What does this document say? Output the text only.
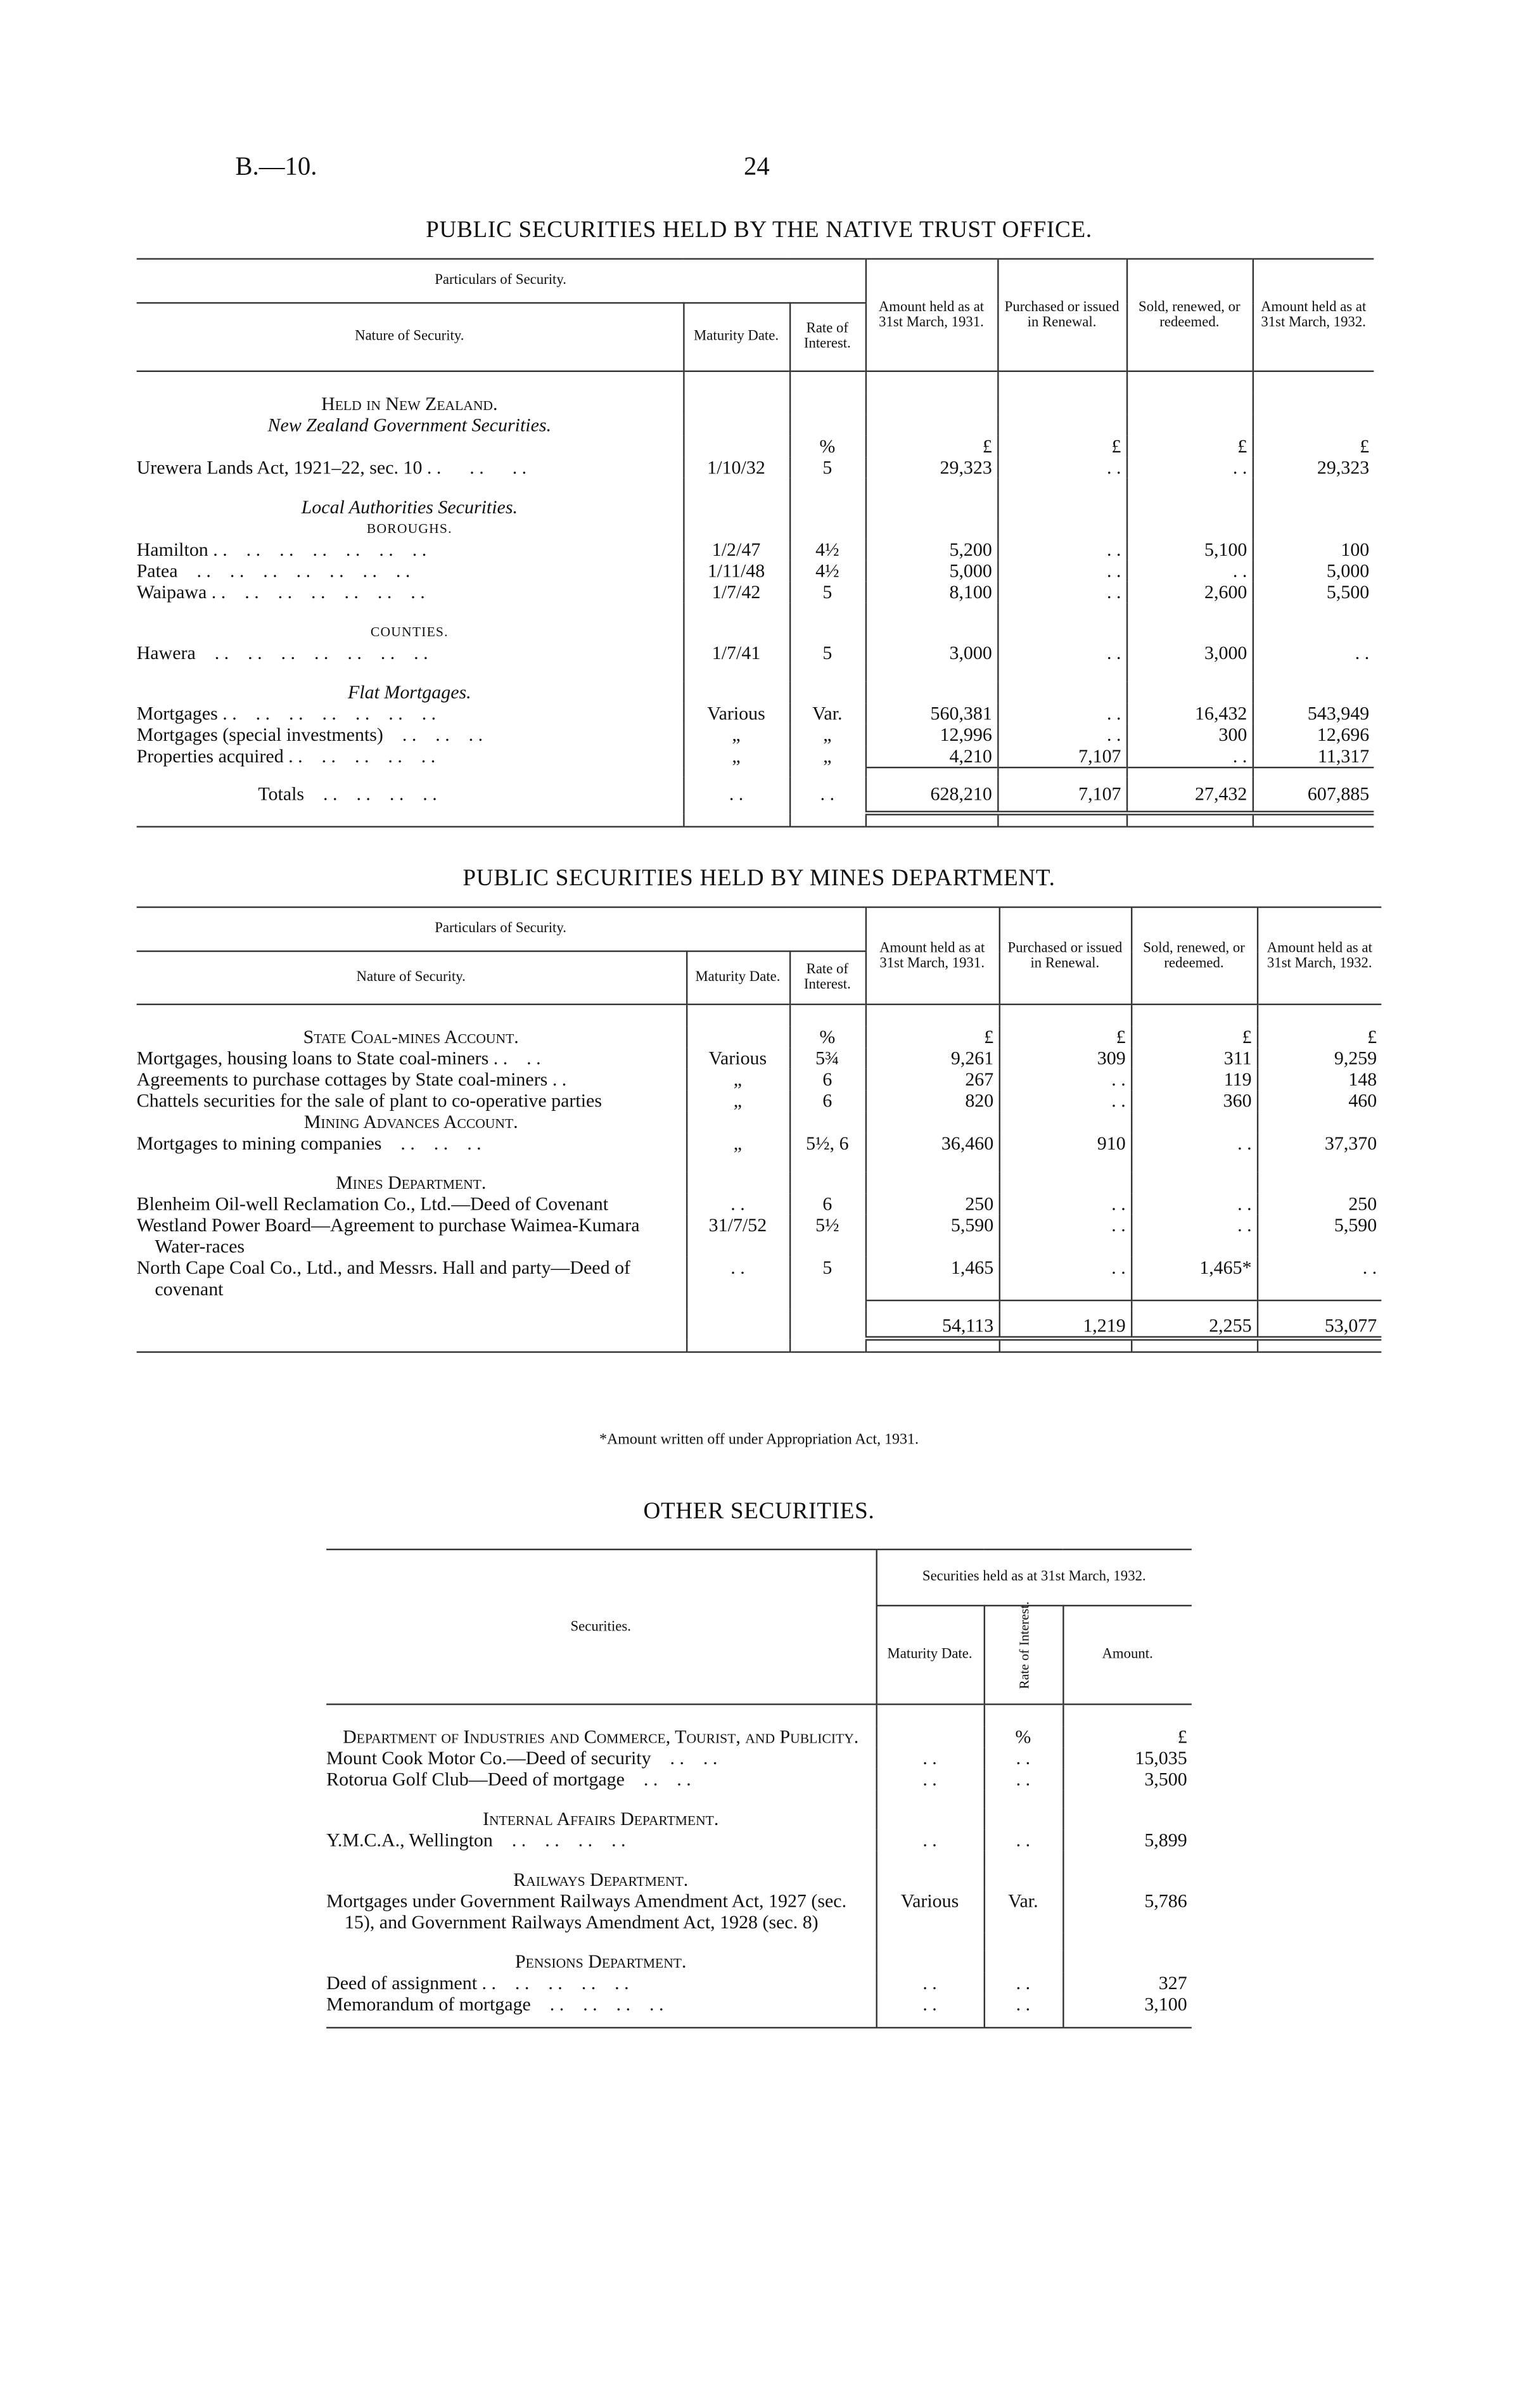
B.—10.	24
PUBLIC SECURITIES HELD BY THE NATIVE TRUST OFFICE.
Particulars of Security.			Amount held as at 31st March, 1931.	Purchased or issued in Renewal.	Sold, renewed, or redeemed.	Amount held as at 31st March, 1932.
Nature of Security.	Maturity Date.	Rate of Interest.				

Held in New Zealand.						
New Zealand Government Securities.						
		%	£	£	£	£
Urewera Lands Act, 1921–22, sec. 10 . .      . .      . .	1/10/32	5	29,323	. .	. .	29,323

Local Authorities Securities.						
BOROUGHS.						
Hamilton . .    . .    . .    . .    . .    . .    . .	1/2/47	4½	5,200	. .	5,100	100
Patea    . .    . .    . .    . .    . .    . .    . .	1/11/48	4½	5,000	. .	. .	5,000
Waipawa . .    . .    . .    . .    . .    . .    . .	1/7/42	5	8,100	. .	2,600	5,500

COUNTIES.						
Hawera    . .    . .    . .    . .    . .    . .    . .	1/7/41	5	3,000	. .	3,000	. .

Flat Mortgages.						
Mortgages . .    . .    . .    . .    . .    . .    . .	Various	Var.	560,381	. .	16,432	543,949
Mortgages (special investments)    . .    . .    . .	„	„	12,996	. .	300	12,696
Properties acquired . .    . .    . .    . .    . .	„	„	4,210	7,107	. .	11,317

Totals    . .    . .    . .    . .	. .	. .	628,210	7,107	27,432	607,885

PUBLIC SECURITIES HELD BY MINES DEPARTMENT.
Particulars of Security.			Amount held as at 31st March, 1931.	Purchased or issued in Renewal.	Sold, renewed, or redeemed.	Amount held as at 31st March, 1932.
Nature of Security.	Maturity Date.	Rate of Interest.				

State Coal-mines Account.		%	£	£	£	£
Mortgages, housing loans to State coal-miners . .    . .	Various	5¾	9,261	309	311	9,259
Agreements to purchase cottages by State coal-miners . .	„	6	267	. .	119	148
Chattels securities for the sale of plant to co-operative parties	„	6	820	. .	360	460
Mining Advances Account.						
Mortgages to mining companies    . .    . .    . .	„	5½, 6	36,460	910	. .	37,370

Mines Department.						
Blenheim Oil-well Reclamation Co., Ltd.—Deed of Covenant	. .	6	250	. .	. .	250
Westland Power Board—Agreement to purchase Waimea-Kumara Water-races	31/7/52	5½	5,590	. .	. .	5,590
North Cape Coal Co., Ltd., and Messrs. Hall and party—Deed of covenant	. .	5	1,465	. .	1,465*	. .

			54,113	1,219	2,255	53,077

*Amount written off under Appropriation Act, 1931.
OTHER SECURITIES.
Securities.	Securities held as at 31st March, 1932.		
	Maturity Date.	Rate of Interest.	Amount.

Department of Industries and Commerce, Tourist, and Publicity.		%	£
Mount Cook Motor Co.—Deed of security    . .    . .	. .	. .	15,035
Rotorua Golf Club—Deed of mortgage    . .    . .	. .	. .	3,500

Internal Affairs Department.			
Y.M.C.A., Wellington    . .    . .    . .    . .	. .	. .	5,899

Railways Department.			
Mortgages under Government Railways Amendment Act, 1927 (sec. 15), and Government Railways Amendment Act, 1928 (sec. 8)	Various	Var.	5,786

Pensions Department.			
Deed of assignment . .    . .    . .    . .    . .	. .	. .	327
Memorandum of mortgage    . .    . .    . .    . .	. .	. .	3,100
